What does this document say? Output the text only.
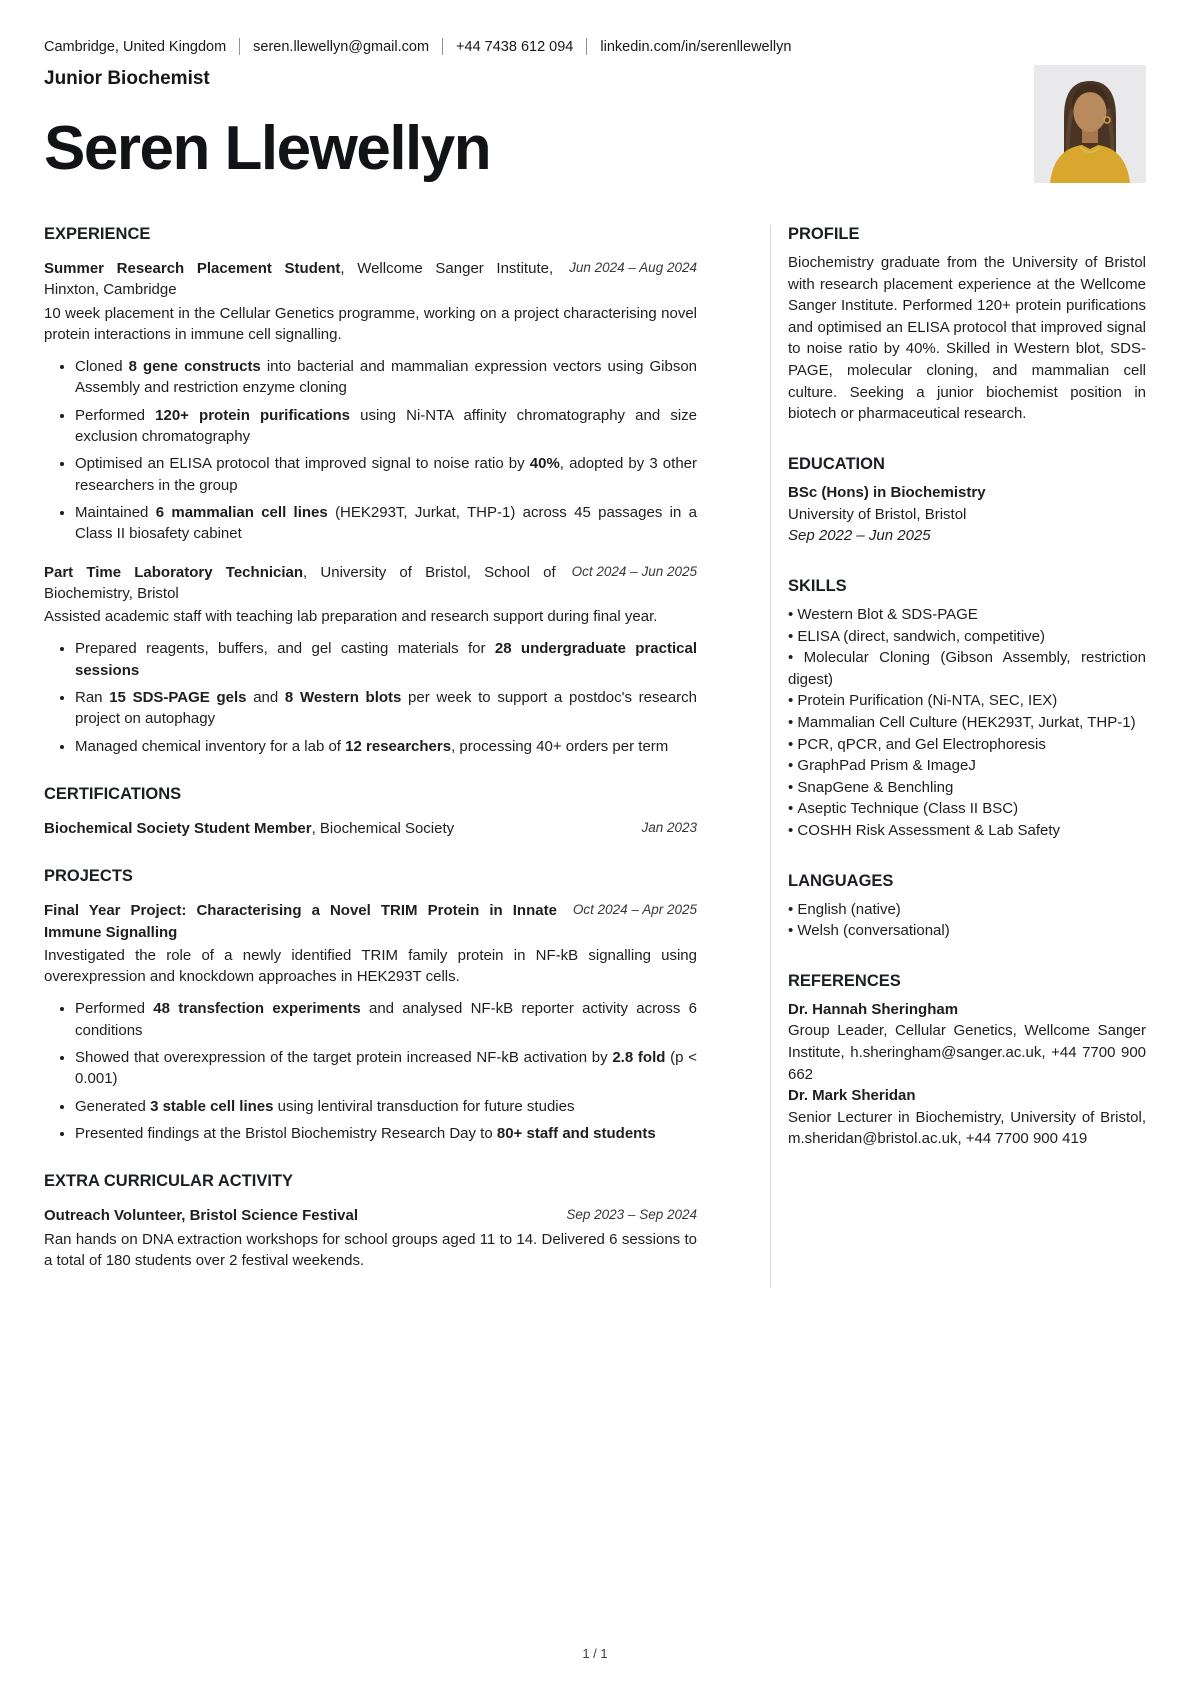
Cambridge, United Kingdom seren.llewellyn@gmail.com +44 7438 612 094 linkedin.com/in/serenllewellyn
Junior Biochemist
Seren Llewellyn
EXPERIENCE
Summer Research Placement Student, Wellcome Sanger Institute, Hinxton, Cambridge
Jun 2024 – Aug 2024
10 week placement in the Cellular Genetics programme, working on a project characterising novel protein interactions in immune cell signalling.
• Cloned 8 gene constructs into bacterial and mammalian expression vectors using Gibson Assembly and restriction enzyme cloning
• Performed 120+ protein purifications using Ni-NTA affinity chromatography and size exclusion chromatography
• Optimised an ELISA protocol that improved signal to noise ratio by 40%, adopted by 3 other researchers in the group
• Maintained 6 mammalian cell lines (HEK293T, Jurkat, THP-1) across 45 passages in a Class II biosafety cabinet
Part Time Laboratory Technician, University of Bristol, School of Biochemistry, Bristol
Oct 2024 – Jun 2025
Assisted academic staff with teaching lab preparation and research support during final year.
• Prepared reagents, buffers, and gel casting materials for 28 undergraduate practical sessions
• Ran 15 SDS-PAGE gels and 8 Western blots per week to support a postdoc's research project on autophagy
• Managed chemical inventory for a lab of 12 researchers, processing 40+ orders per term
CERTIFICATIONS
Biochemical Society Student Member, Biochemical Society	Jan 2023
PROJECTS
Final Year Project: Characterising a Novel TRIM Protein in Innate Immune Signalling
Oct 2024 – Apr 2025
Investigated the role of a newly identified TRIM family protein in NF-kB signalling using overexpression and knockdown approaches in HEK293T cells.
• Performed 48 transfection experiments and analysed NF-kB reporter activity across 6 conditions
• Showed that overexpression of the target protein increased NF-kB activation by 2.8 fold (p < 0.001)
• Generated 3 stable cell lines using lentiviral transduction for future studies
• Presented findings at the Bristol Biochemistry Research Day to 80+ staff and students
EXTRA CURRICULAR ACTIVITY
Outreach Volunteer, Bristol Science Festival	Sep 2023 – Sep 2024
Ran hands on DNA extraction workshops for school groups aged 11 to 14. Delivered 6 sessions to a total of 180 students over 2 festival weekends.
PROFILE
Biochemistry graduate from the University of Bristol with research placement experience at the Wellcome Sanger Institute. Performed 120+ protein purifications and optimised an ELISA protocol that improved signal to noise ratio by 40%. Skilled in Western blot, SDS-PAGE, molecular cloning, and mammalian cell culture. Seeking a junior biochemist position in biotech or pharmaceutical research.
EDUCATION
BSc (Hons) in Biochemistry
University of Bristol, Bristol
Sep 2022 – Jun 2025
SKILLS
• Western Blot & SDS-PAGE
• ELISA (direct, sandwich, competitive)
• Molecular Cloning (Gibson Assembly, restriction digest)
• Protein Purification (Ni-NTA, SEC, IEX)
• Mammalian Cell Culture (HEK293T, Jurkat, THP-1)
• PCR, qPCR, and Gel Electrophoresis
• GraphPad Prism & ImageJ
• SnapGene & Benchling
• Aseptic Technique (Class II BSC)
• COSHH Risk Assessment & Lab Safety
LANGUAGES
• English (native)
• Welsh (conversational)
REFERENCES
Dr. Hannah Sheringham
Group Leader, Cellular Genetics, Wellcome Sanger Institute, h.sheringham@sanger.ac.uk, +44 7700 900 662
Dr. Mark Sheridan
Senior Lecturer in Biochemistry, University of Bristol, m.sheridan@bristol.ac.uk, +44 7700 900 419
1 / 1
